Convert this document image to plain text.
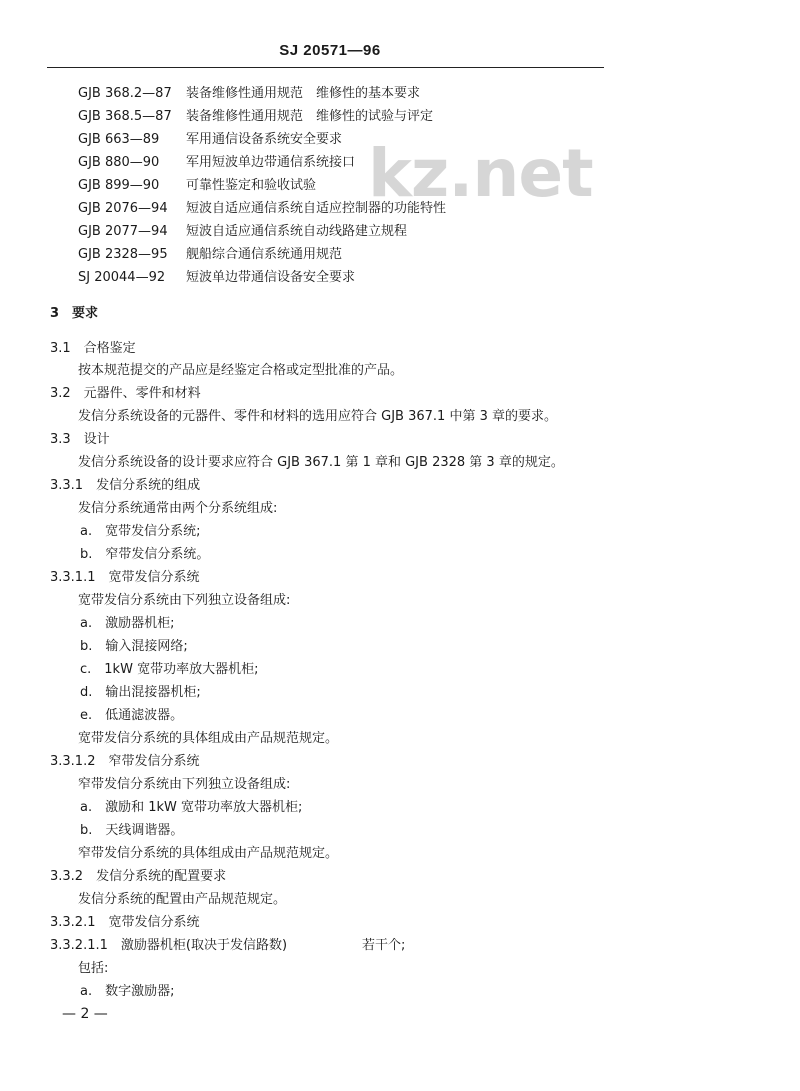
SJ 20571—96
kz.net
GJB 368.2—87 装备维修性通用规范　维修性的基本要求
GJB 368.5—87 装备维修性通用规范　维修性的试验与评定
GJB 663—89 军用通信设备系统安全要求
GJB 880—90 军用短波单边带通信系统接口
GJB 899—90 可靠性鉴定和验收试验
GJB 2076—94 短波自适应通信系统自适应控制器的功能特性
GJB 2077—94 短波自适应通信系统自动线路建立规程
GJB 2328—95 舰船综合通信系统通用规范
SJ 20044—92 短波单边带通信设备安全要求
3　要求
3.1　合格鉴定
按本规范提交的产品应是经鉴定合格或定型批准的产品。
3.2　元器件、零件和材料
发信分系统设备的元器件、零件和材料的选用应符合 GJB 367.1 中第 3 章的要求。
3.3　设计
发信分系统设备的设计要求应符合 GJB 367.1 第 1 章和 GJB 2328 第 3 章的规定。
3.3.1　发信分系统的组成
发信分系统通常由两个分系统组成:
a.　宽带发信分系统;
b.　窄带发信分系统。
3.3.1.1　宽带发信分系统
宽带发信分系统由下列独立设备组成:
a.　激励器机柜;
b.　输入混接网络;
c.　1kW 宽带功率放大器机柜;
d.　输出混接器机柜;
e.　低通滤波器。
宽带发信分系统的具体组成由产品规范规定。
3.3.1.2　窄带发信分系统
窄带发信分系统由下列独立设备组成:
a.　激励和 1kW 宽带功率放大器机柜;
b.　天线调谐器。
窄带发信分系统的具体组成由产品规范规定。
3.3.2　发信分系统的配置要求
发信分系统的配置由产品规范规定。
3.3.2.1　宽带发信分系统
3.3.2.1.1　激励器机柜(取决于发信路数)	若干个;
包括:
a.　数字激励器;
— 2 —
